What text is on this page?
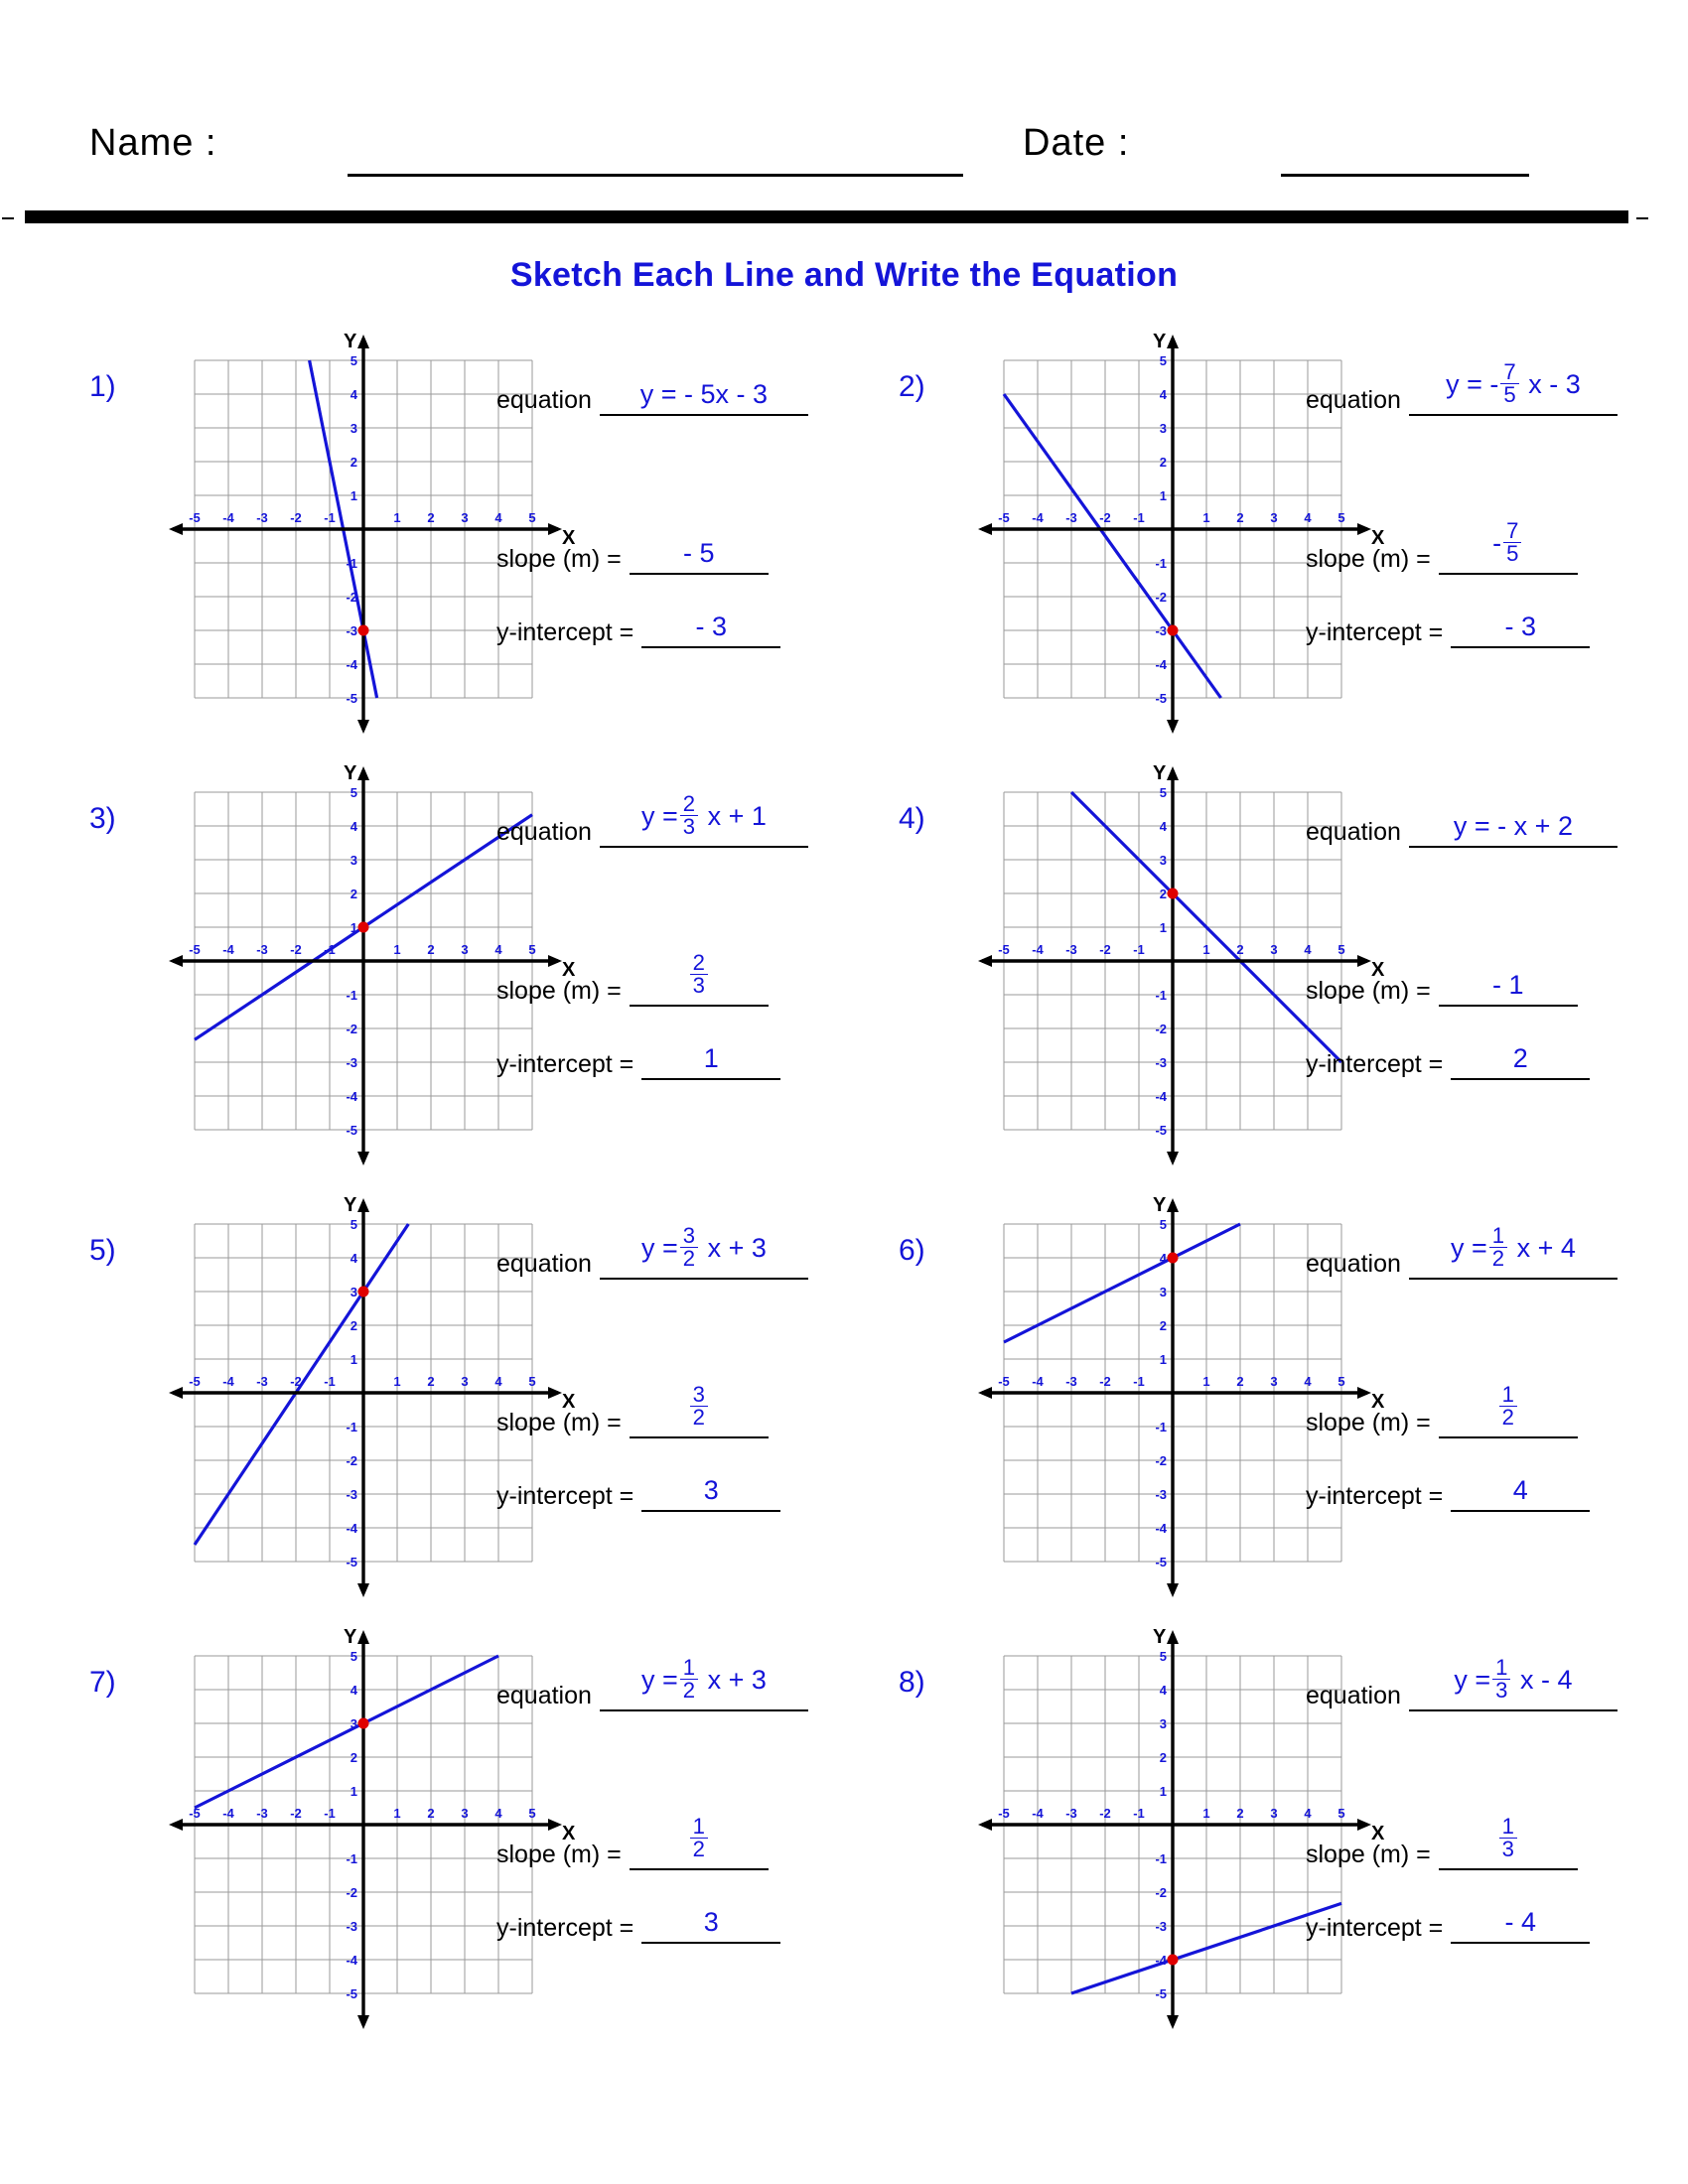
Name :	Date :
Sketch Each Line and Write the Equation
1)
-5 -4 -3 -2 -1	1 2 3 4 5
5
4
3
2
1
-1
-2
-3
-4
-5
X
Y
equation	y = - 5x - 3
slope (m) =	- 5
y-intercept =	- 3
2)
-5 -4 -3 -2 -1	1 2 3 4 5
5
4
3
2
1
-1
-2
-3
-4
-5
X
Y
equation
y = - $\frac{7}{5}$ x - 3
slope (m) =
- $\frac{7}{5}$
y-intercept =	- 3
3)
-5 -4 -3 -2 -1	1 2 3 4 5
5
4
3
2
1
-1
-2
-3
-4
-5
X
Y
equation
$y = \frac{2}{3}$ x + 1
slope (m) =	$\frac{2}{3}$
y-intercept =	1
4)
-5 -4 -3 -2 -1	1 2 3 4 5
5
4
3
2
1
-1
-2
-3
-4
-5
X
Y
equation	y = - x + 2
slope (m) =	- 1
y-intercept =	2
5)
-5 -4 -3 -2 -1	1 2 3 4 5
5
4
3
2
1
-1
-2
-3
-4
-5
X
Y
equation
$y = \frac{3}{2}$ x + 3
slope (m) =	$\frac{3}{2}$
y-intercept =	3
6)
-5 -4 -3 -2 -1	1 2 3 4 5
5
4
3
2
1
-1
-2
-3
-4
-5
X
Y
equation
$y = \frac{1}{2}$ x + 4
slope (m) =	$\frac{1}{2}$
y-intercept =	4
7)
-5 -4 -3 -2 -1	1 2 3 4 5
5
4
3
2
1
-1
-2
-3
-4
-5
X
Y
equation
$y = \frac{1}{2}$ x + 3
slope (m) =	$\frac{1}{2}$
y-intercept =	3
8)
-5 -4 -3 -2 -1	1 2 3 4 5
5
4
3
2
1
-1
-2
-3
-4
-5
X
Y
equation
$y = \frac{1}{3}$ x - 4
slope (m) =	$\frac{1}{3}$
y-intercept =	- 4
